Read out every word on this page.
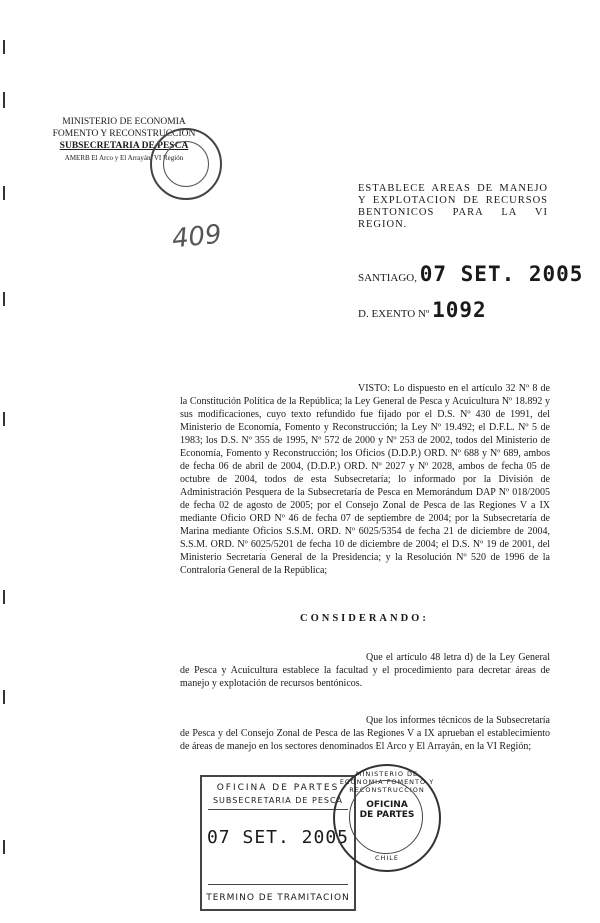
MINISTERIO DE ECONOMIA
FOMENTO Y RECONSTRUCCION
SUBSECRETARIA DE PESCA
AMERB El Arco y El Arrayán, VI Región
409
ESTABLECE AREAS DE MANEJO Y EXPLOTACION DE RECURSOS BENTONICOS PARA LA VI REGION.
SANTIAGO, 07 SET. 2005
D. EXENTO Nº 1092
VISTO: Lo dispuesto en el artículo 32 Nº 8 de la Constitución Política de la República; la Ley General de Pesca y Acuicultura Nº 18.892 y sus modificaciones, cuyo texto refundido fue fijado por el D.S. Nº 430 de 1991, del Ministerio de Economía, Fomento y Reconstrucción; la Ley Nº 19.492; el D.F.L. Nº 5 de 1983; los D.S. Nº 355 de 1995, Nº 572 de 2000 y Nº 253 de 2002, todos del Ministerio de Economía, Fomento y Reconstrucción; los Oficios (D.D.P.) ORD. Nº 688 y Nº 689, ambos de fecha 06 de abril de 2004, (D.D.P.) ORD. Nº 2027 y Nº 2028, ambos de fecha 05 de octubre de 2004, todos de esta Subsecretaría; lo informado por la División de Administración Pesquera de la Subsecretaría de Pesca en Memorándum DAP Nº 018/2005 de fecha 02 de agosto de 2005; por el Consejo Zonal de Pesca de las Regiones V a IX mediante Oficio ORD Nº 46 de fecha 07 de septiembre de 2004; por la Subsecretaría de Marina mediante Oficios S.S.M. ORD. Nº 6025/5354 de fecha 21 de diciembre de 2004, S.S.M. ORD. Nº 6025/5201 de fecha 10 de diciembre de 2004; el D.S. Nº 19 de 2001, del Ministerio Secretaría General de la Presidencia; y la Resolución Nº 520 de 1996 de la Contraloría General de la República;
CONSIDERANDO:
Que el artículo 48 letra d) de la Ley General de Pesca y Acuicultura establece la facultad y el procedimiento para decretar áreas de manejo y explotación de recursos bentónicos.
Que los informes técnicos de la Subsecretaría de Pesca y del Consejo Zonal de Pesca de las Regiones V a IX aprueban el establecimiento de áreas de manejo en los sectores denominados El Arco y El Arrayán, en la VI Región;
OFICINA DE PARTES
SUBSECRETARIA DE PESCA
07 SET. 2005
TERMINO DE TRAMITACION
MINISTERIO DE ECONOMIA FOMENTO Y RECONSTRUCCION
OFICINA
DE PARTES
CHILE
